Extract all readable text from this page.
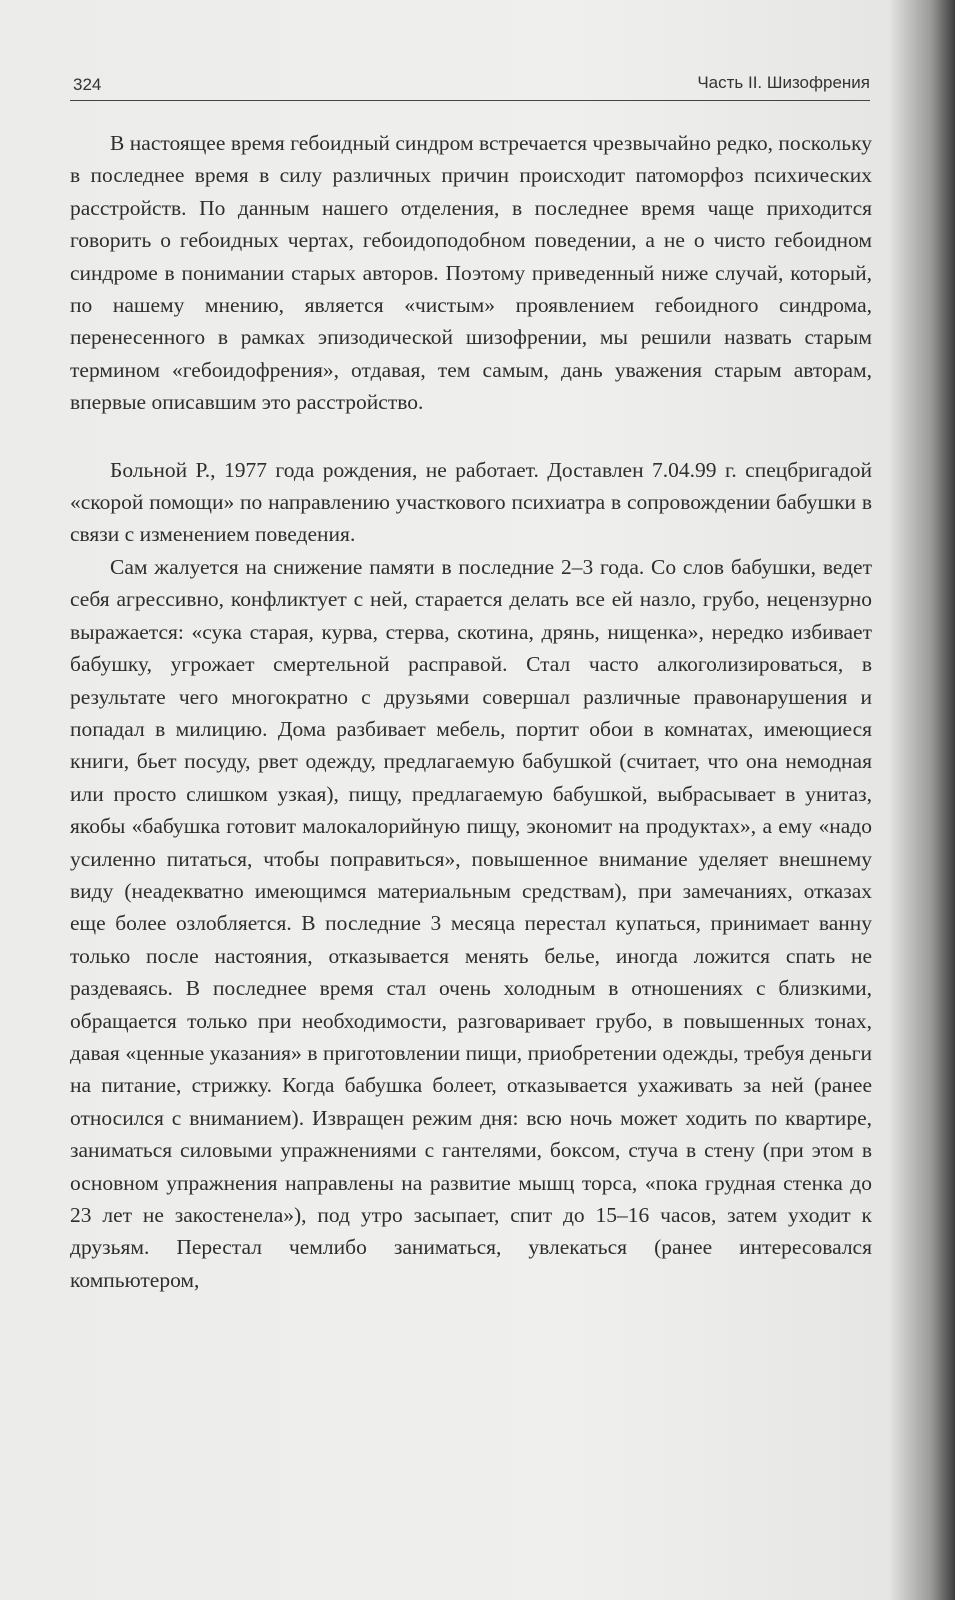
324	Часть II. Шизофрения

В настоящее время гебоидный синдром встречается чрезвычайно редко, поскольку в последнее время в силу различных причин происходит патоморфоз психических расстройств. По данным нашего отделения, в последнее время чаще приходится говорить о гебоидных чертах, гебоидоподобном поведении, а не о чисто гебоидном синдроме в понимании старых авторов. Поэтому приведенный ниже случай, который, по нашему мнению, является «чистым» проявлением гебоидного синдрома, перенесенного в рамках эпизодической шизофрении, мы решили назвать старым термином «гебоидофрения», отдавая, тем самым, дань уважения старым авторам, впервые описавшим это расстройство.

Больной Р., 1977 года рождения, не работает. Доставлен 7.04.99 г. спецбригадой «скорой помощи» по направлению участкового психиатра в сопровождении бабушки в связи с изменением поведения.

Сам жалуется на снижение памяти в последние 2–3 года. Со слов бабушки, ведет себя агрессивно, конфликтует с ней, старается делать все ей назло, грубо, нецензурно выражается: «сука старая, курва, стерва, скотина, дрянь, нищенка», нередко избивает бабушку, угрожает смертельной расправой. Стал часто алкоголизироваться, в результате чего многократно с друзьями совершал различные правонарушения и попадал в милицию. Дома разбивает мебель, портит обои в комнатах, имеющиеся книги, бьет посуду, рвет одежду, предлагаемую бабушкой (считает, что она немодная или просто слишком узкая), пищу, предлагаемую бабушкой, выбрасывает в унитаз, якобы «бабушка готовит малокалорийную пищу, экономит на продуктах», а ему «надо усиленно питаться, чтобы поправиться», повышенное внимание уделяет внешнему виду (неадекватно имеющимся материальным средствам), при замечаниях, отказах еще более озлобляется. В последние 3 месяца перестал купаться, принимает ванну только после настояния, отказывается менять белье, иногда ложится спать не раздеваясь. В последнее время стал очень холодным в отношениях с близкими, обращается только при необходимости, разговаривает грубо, в повышенных тонах, давая «ценные указания» в приготовлении пищи, приобретении одежды, требуя деньги на питание, стрижку. Когда бабушка болеет, отказывается ухаживать за ней (ранее относился с вниманием). Извращен режим дня: всю ночь может ходить по квартире, заниматься силовыми упражнениями с гантелями, боксом, стуча в стену (при этом в основном упражнения направлены на развитие мышц торса, «пока грудная стенка до 23 лет не закостенела»), под утро засыпает, спит до 15–16 часов, затем уходит к друзьям. Перестал чемлибо заниматься, увлекаться (ранее интересовался компьютером,
